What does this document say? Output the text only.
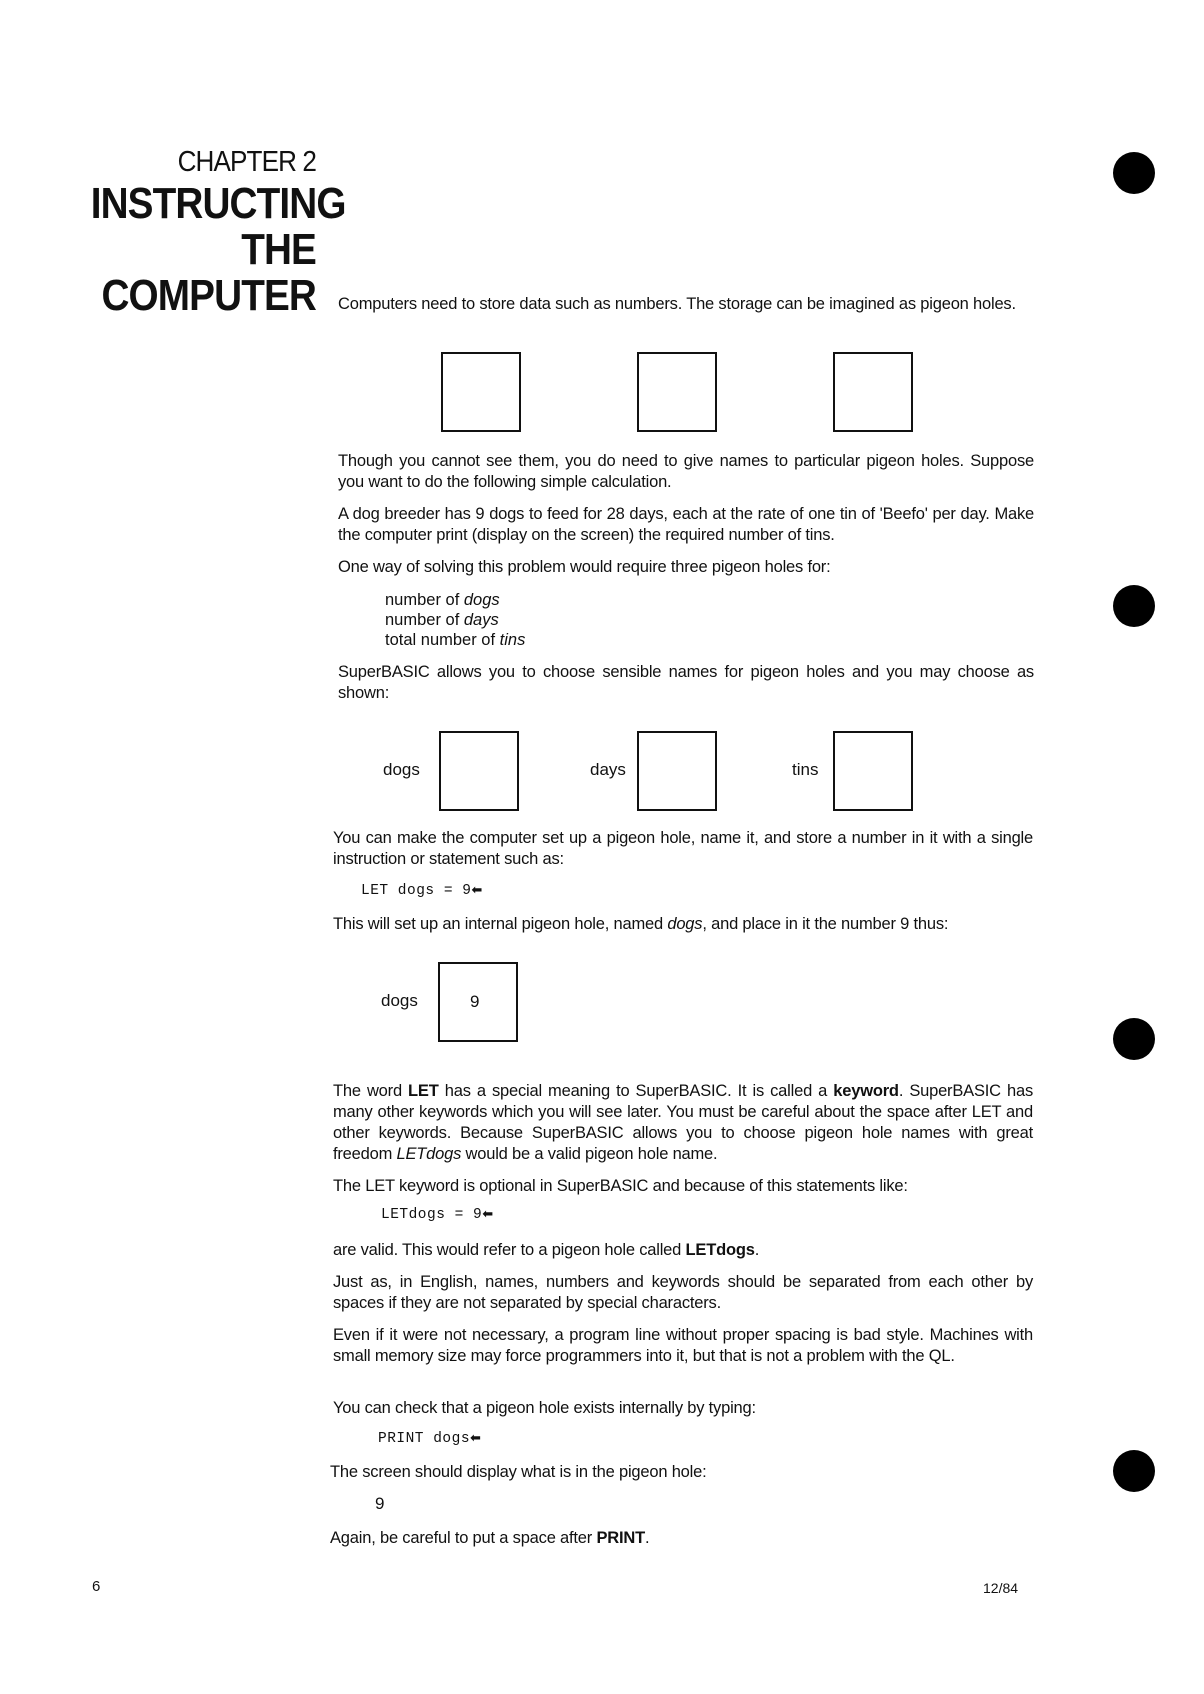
CHAPTER 2
INSTRUCTING
THE
COMPUTER Computers need to store data such as numbers. The storage can be imagined as pigeon holes.

Though you cannot see them, you do need to give names to particular pigeon holes. Suppose you want to do the following simple calculation.

A dog breeder has 9 dogs to feed for 28 days, each at the rate of one tin of 'Beefo' per day. Make the computer print (display on the screen) the required number of tins.

One way of solving this problem would require three pigeon holes for:

number of dogs
number of days
total number of tins

SuperBASIC allows you to choose sensible names for pigeon holes and you may choose as shown:

dogs	days	tins

You can make the computer set up a pigeon hole, name it, and store a number in it with a single instruction or statement such as:

LET dogs = 9⬅

This will set up an internal pigeon hole, named dogs, and place in it the number 9 thus:

dogs	9

The word LET has a special meaning to SuperBASIC. It is called a keyword. SuperBASIC has many other keywords which you will see later. You must be careful about the space after LET and other keywords. Because SuperBASIC allows you to choose pigeon hole names with great freedom LETdogs would be a valid pigeon hole name.

The LET keyword is optional in SuperBASIC and because of this statements like:

LETdogs = 9⬅

are valid. This would refer to a pigeon hole called LETdogs.

Just as, in English, names, numbers and keywords should be separated from each other by spaces if they are not separated by special characters.

Even if it were not necessary, a program line without proper spacing is bad style. Machines with small memory size may force programmers into it, but that is not a problem with the QL.

You can check that a pigeon hole exists internally by typing:

PRINT dogs⬅

The screen should display what is in the pigeon hole:

9

Again, be careful to put a space after PRINT.

6	12/84
